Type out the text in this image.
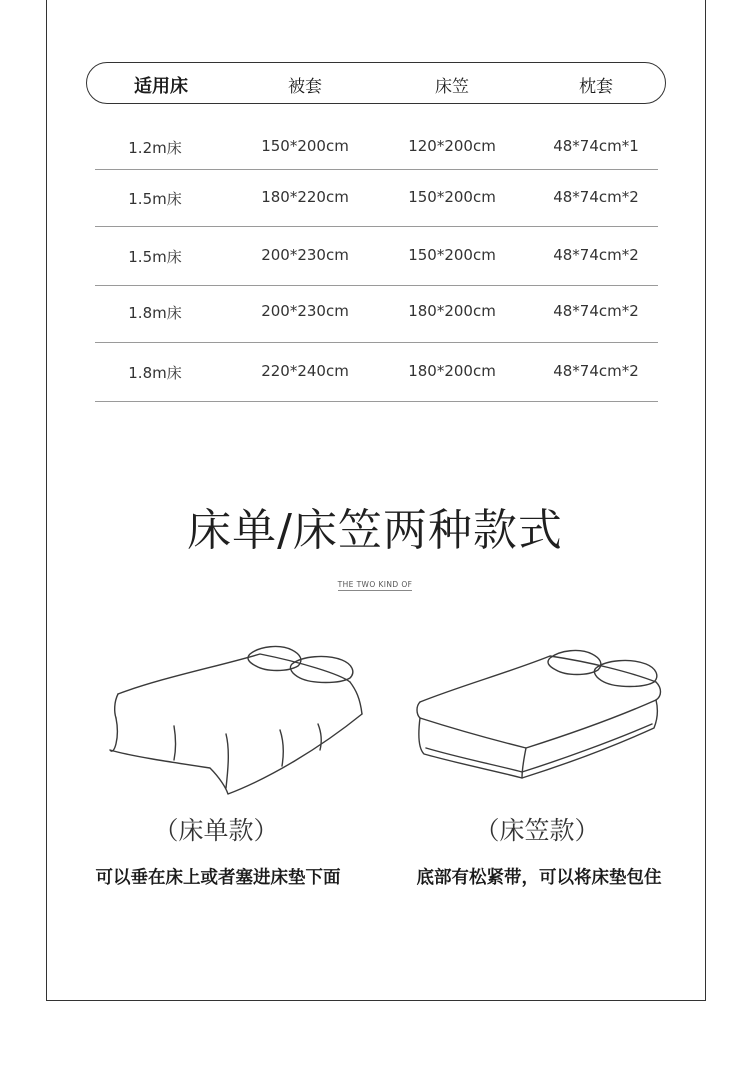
适用床	被套	床笠	枕套
1.2m床	150*200cm	120*200cm	48*74cm*1
1.5m床	180*220cm	150*200cm	48*74cm*2
1.5m床	200*230cm	150*200cm	48*74cm*2
1.8m床	200*230cm	180*200cm	48*74cm*2
1.8m床	220*240cm	180*200cm	48*74cm*2
床单/床笠两种款式
THE TWO KIND OF
（床单款）	（床笠款）
可以垂在床上或者塞进床垫下面	底部有松紧带，可以将床垫包住
